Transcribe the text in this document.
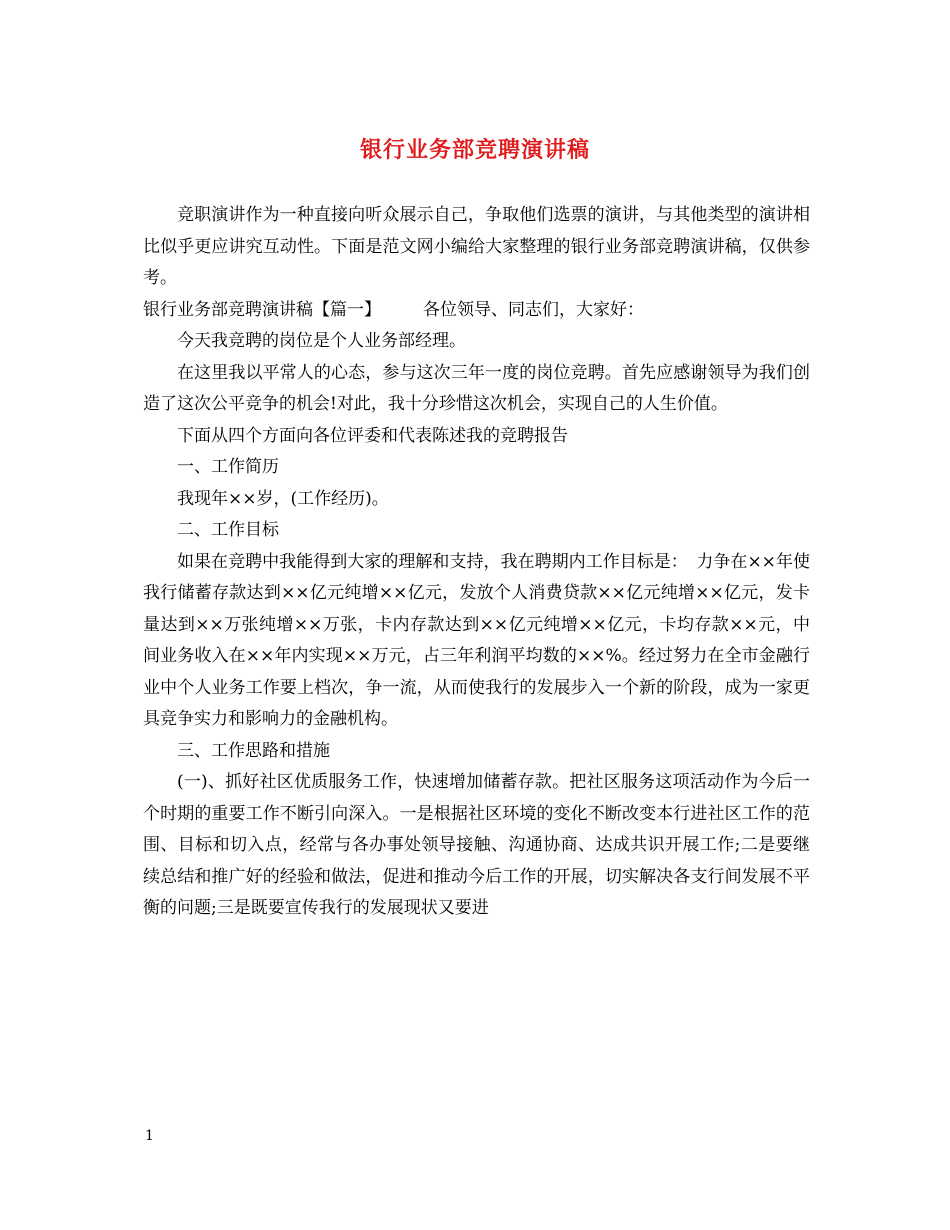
银行业务部竞聘演讲稿

竞职演讲作为一种直接向听众展示自己，争取他们选票的演讲，与其他类型的演讲相比似乎更应讲究互动性。下面是范文网小编给大家整理的银行业务部竞聘演讲稿，仅供参考。

银行业务部竞聘演讲稿【篇一】 各位领导、同志们，大家好：

今天我竞聘的岗位是个人业务部经理。

在这里我以平常人的心态，参与这次三年一度的岗位竞聘。首先应感谢领导为我们创造了这次公平竞争的机会!对此，我十分珍惜这次机会，实现自己的人生价值。

下面从四个方面向各位评委和代表陈述我的竞聘报告

一、工作简历

我现年××岁，(工作经历)。

二、工作目标

如果在竞聘中我能得到大家的理解和支持，我在聘期内工作目标是：　力争在××年使我行储蓄存款达到××亿元纯增××亿元，发放个人消费贷款××亿元纯增××亿元，发卡量达到××万张纯增××万张，卡内存款达到××亿元纯增××亿元，卡均存款××元，中间业务收入在××年内实现××万元，占三年利润平均数的××%。经过努力在全市金融行业中个人业务工作要上档次，争一流，从而使我行的发展步入一个新的阶段，成为一家更具竞争实力和影响力的金融机构。

三、工作思路和措施

(一)、抓好社区优质服务工作，快速增加储蓄存款。把社区服务这项活动作为今后一个时期的重要工作不断引向深入。一是根据社区环境的变化不断改变本行进社区工作的范围、目标和切入点，经常与各办事处领导接触、沟通协商、达成共识开展工作;二是要继续总结和推广好的经验和做法，促进和推动今后工作的开展，切实解决各支行间发展不平衡的问题;三是既要宣传我行的发展现状又要进

1
